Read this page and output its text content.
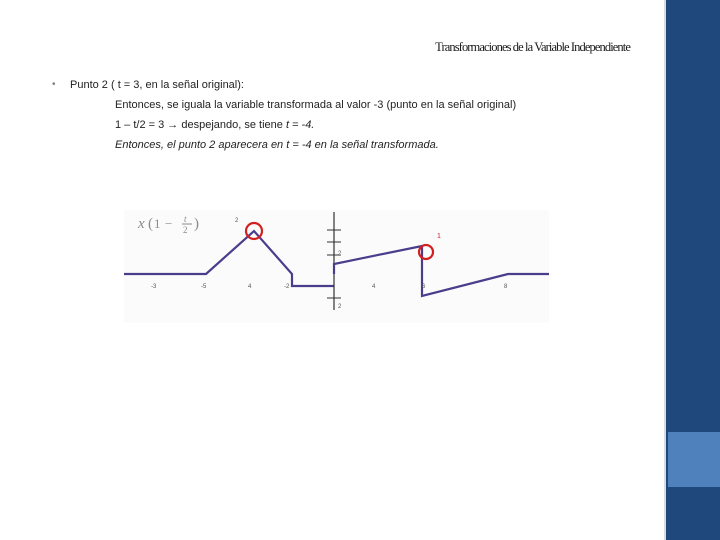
Transformaciones de la Variable Independiente
• Punto 2 ( t = 3, en la señal original):
Entonces, se iguala la variable transformada al valor -3 (punto en la señal original)
1 – t/2 = 3 → despejando, se tiene t = -4.
Entonces, el punto 2 aparecera en t = -4 en la señal transformada.
x ( 1 − t
2 )	2
-3	-5	4	-2
2
2
1
4	6	8
